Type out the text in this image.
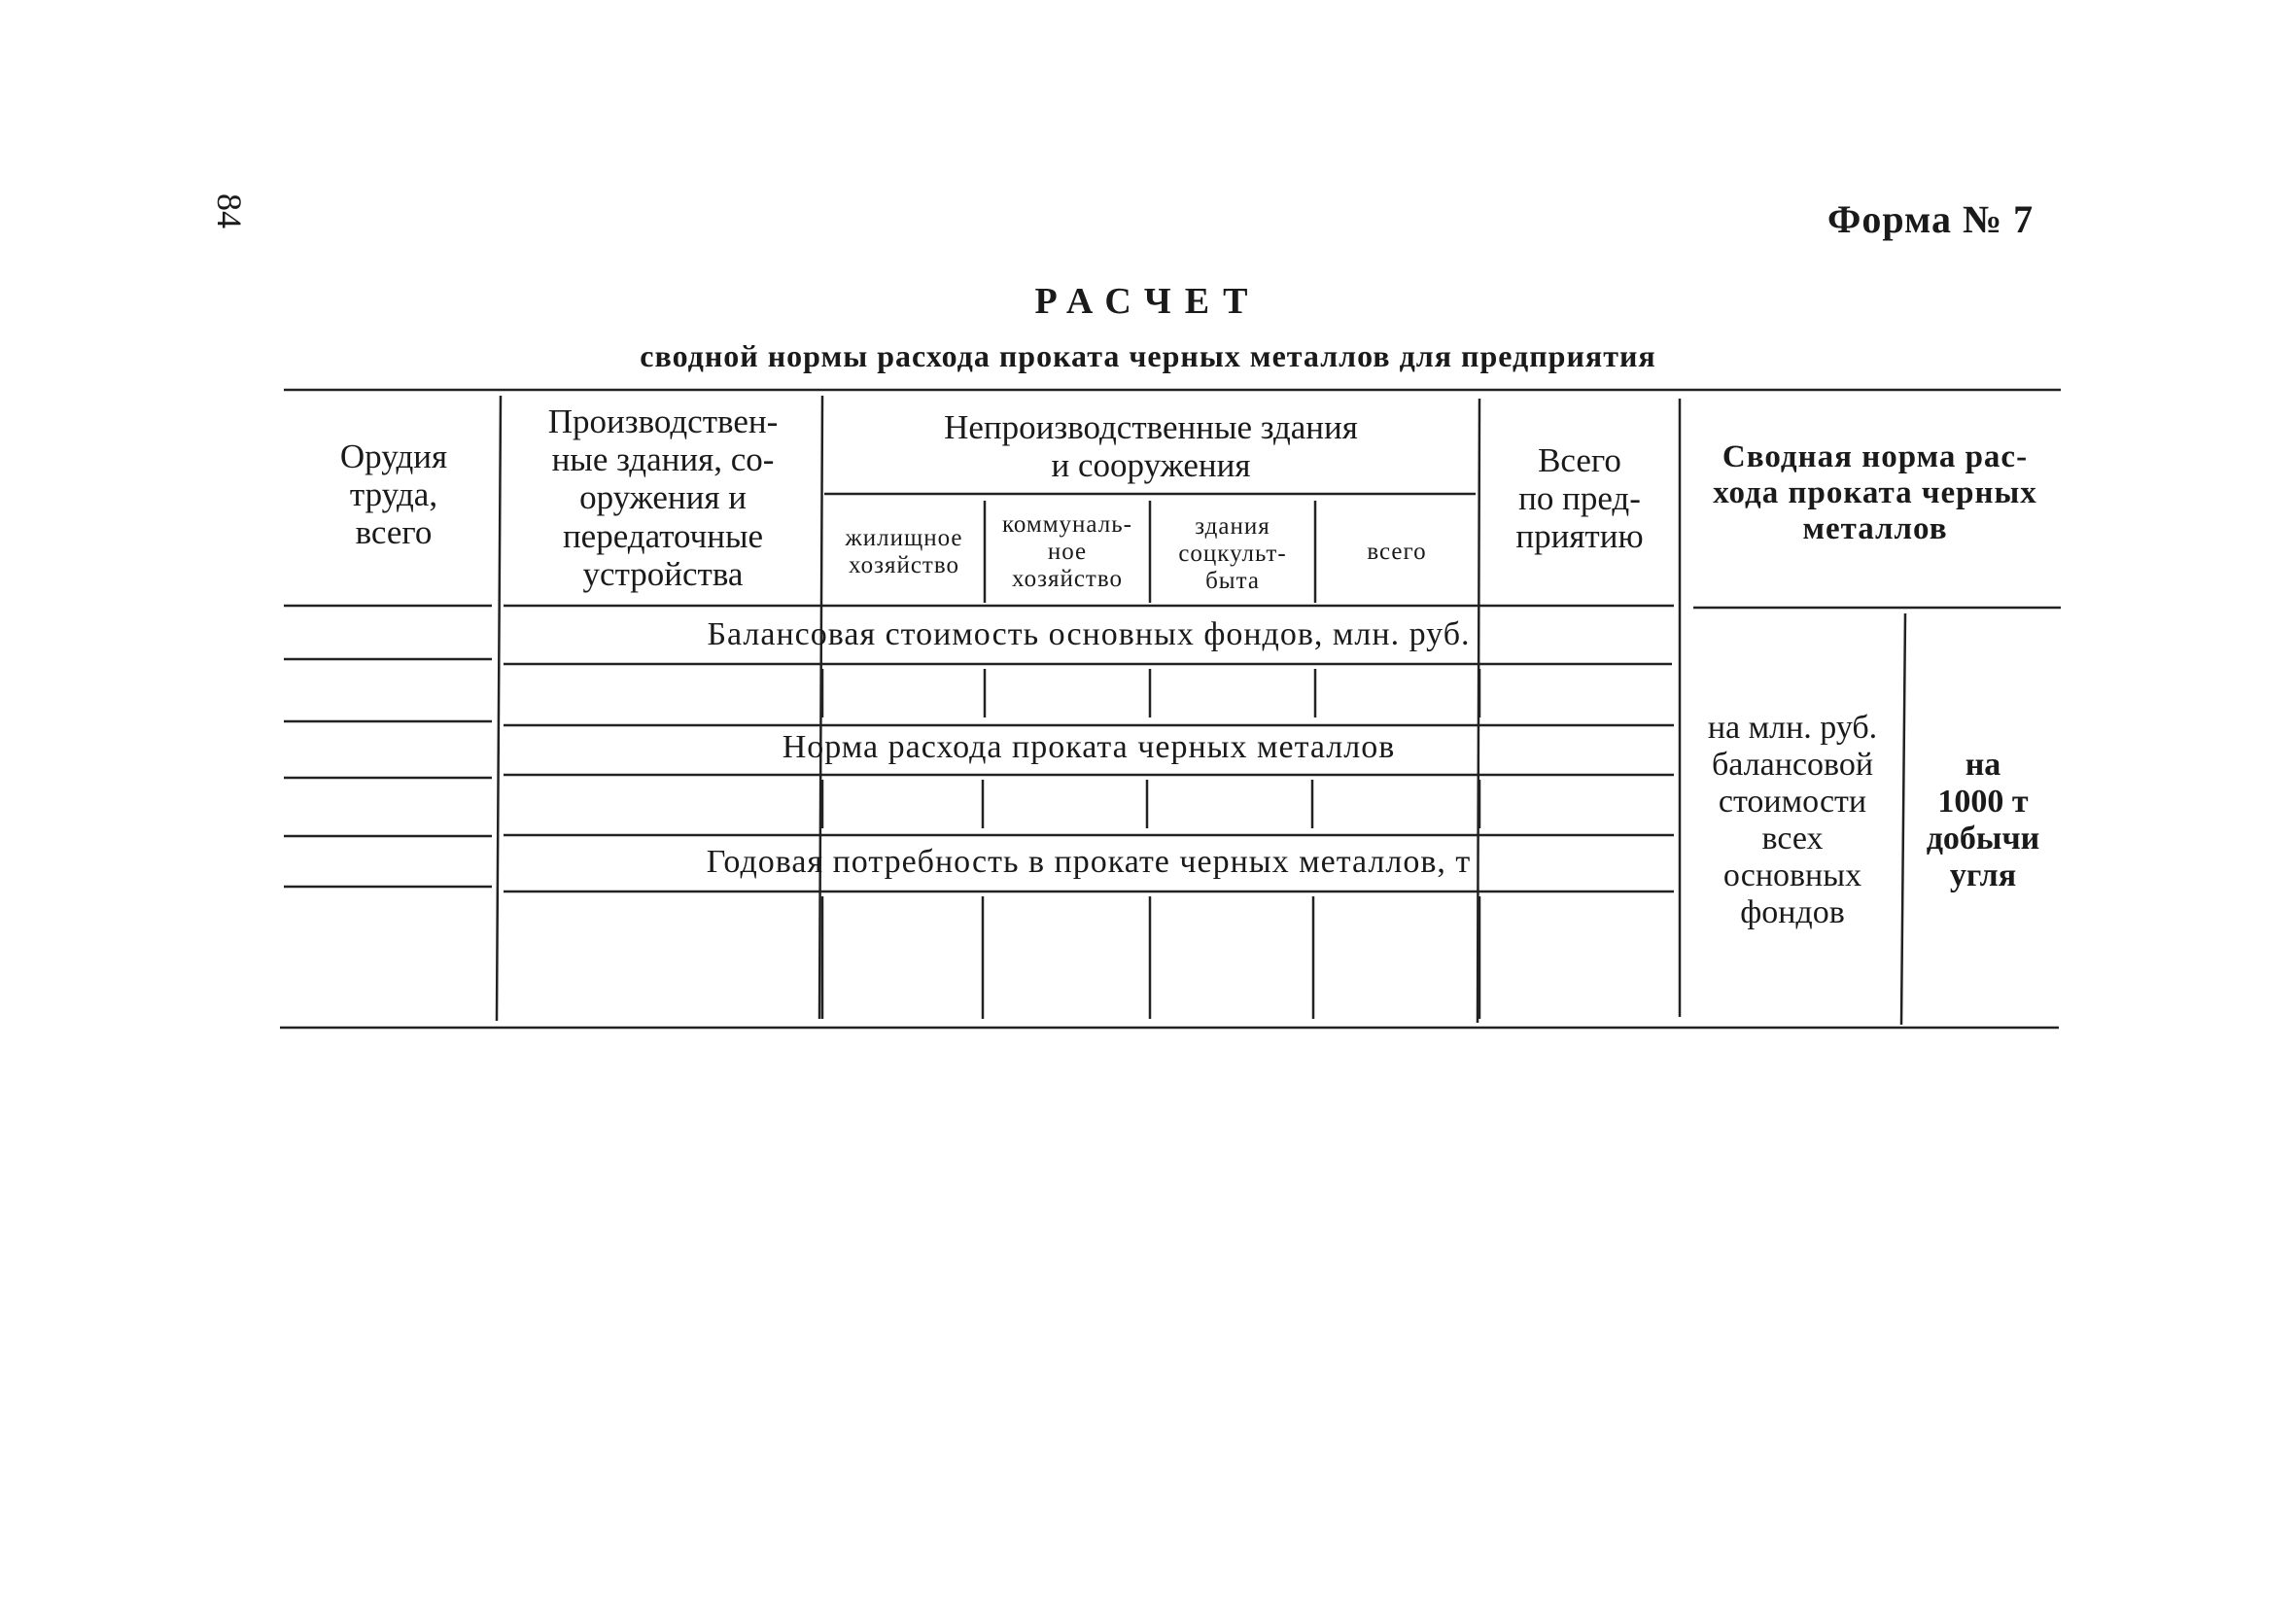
84	Форма № 7
РАСЧЕТ
сводной нормы расхода проката черных металлов для предприятия
Орудия
труда,
всего
Производствен-
ные здания, со-
оружения и
передаточные
устройства
Непроизводственные здания
и сооружения
жилищное
хозяйство
коммуналь-
ное
хозяйство
здания
соцкульт-
быта
всего
Всего
по пред-
приятию
Сводная норма рас-
хода проката черных
металлов
Балансовая стоимость основных фондов, млн. руб.
Норма расхода проката черных металлов
Годовая потребность в прокате черных металлов, т
на млн. руб.
балансовой
стоимости
всех
основных
фондов
на
1000 т
добычи
угля
